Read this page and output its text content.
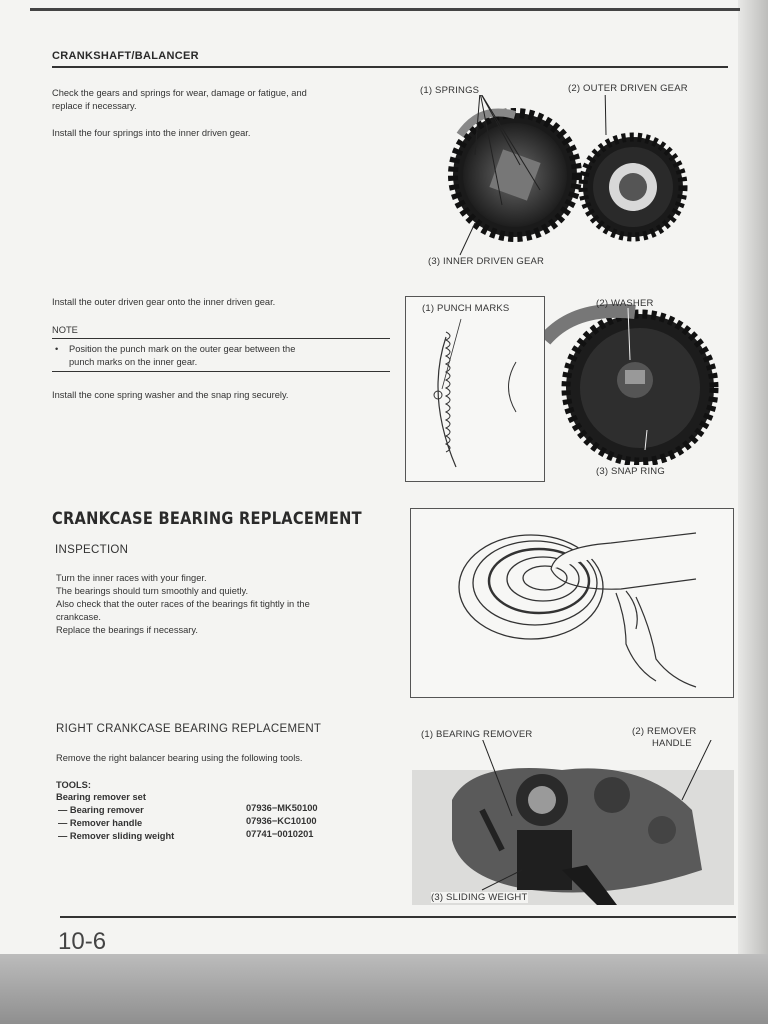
CRANKSHAFT/BALANCER
Check the gears and springs for wear, damage or fatigue, and
replace if necessary.
Install the four springs into the inner driven gear.
(1) SPRINGS	(2) OUTER DRIVEN GEAR
(3) INNER DRIVEN GEAR
Install the outer driven gear onto the inner driven gear.
NOTE
• Position the punch mark on the outer gear between the
punch marks on the inner gear.
Install the cone spring washer and the snap ring securely.
(1) PUNCH MARKS	(2) WASHER
(3) SNAP RING
CRANKCASE BEARING REPLACEMENT
INSPECTION
Turn the inner races with your finger.
The bearings should turn smoothly and quietly.
Also check that the outer races of the bearings fit tightly in the
crankcase.
Replace the bearings if necessary.
RIGHT CRANKCASE BEARING REPLACEMENT
Remove the right balancer bearing using the following tools.
TOOLS:
Bearing remover set
— Bearing remover	07936−MK50100
— Remover handle	07936−KC10100
— Remover sliding weight	07741−0010201
(1) BEARING REMOVER	(2) REMOVER
HANDLE
(3) SLIDING WEIGHT
10-6
